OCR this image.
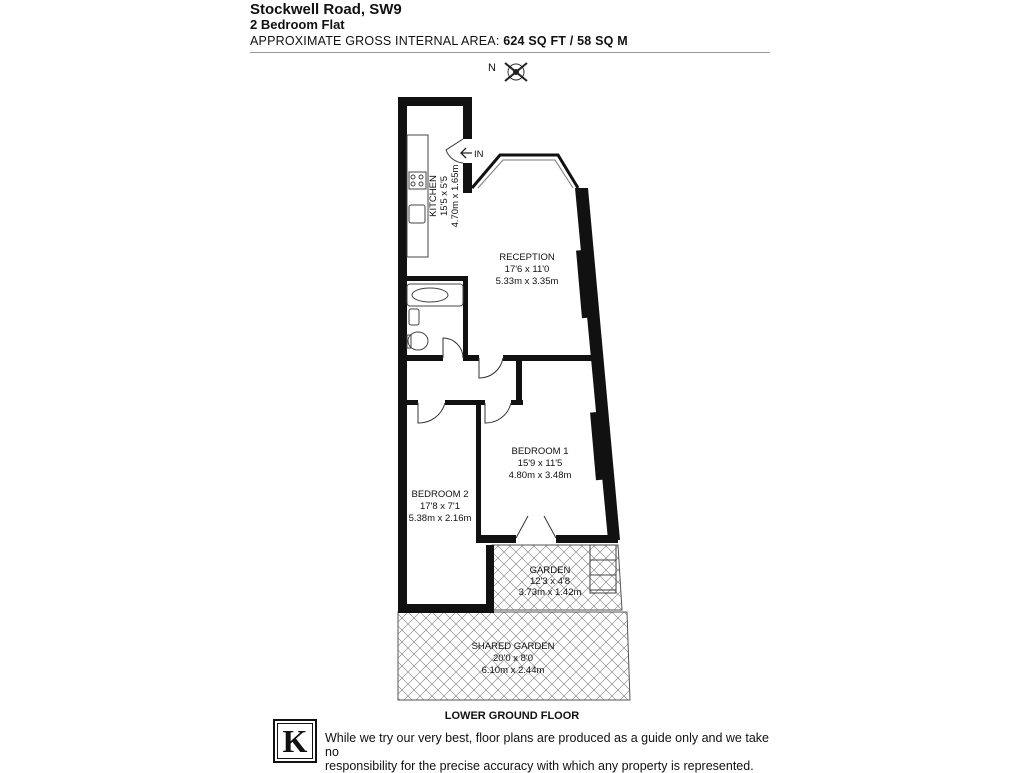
Stockwell Road, SW9
2 Bedroom Flat
APPROXIMATE GROSS INTERNAL AREA: 624 SQ FT / 58 SQ M
N
IN
KITCHEN 15'5 x 5'5 4.70m x 1.65m
RECEPTION
17'6 x 11'0
5.33m x 3.35m
BEDROOM 1
15'9 x 11'5
4.80m x 3.48m
BEDROOM 2
17'8 x 7'1
5.38m x 2.16m
GARDEN
12'3 x 4'8
3.73m x 1.42m
SHARED GARDEN
20'0 x 8'0
6.10m x 2.44m
LOWER GROUND FLOOR
K	While we try our very best, floor plans are produced as a guide only and we take no
responsibility for the precise accuracy with which any property is represented.
